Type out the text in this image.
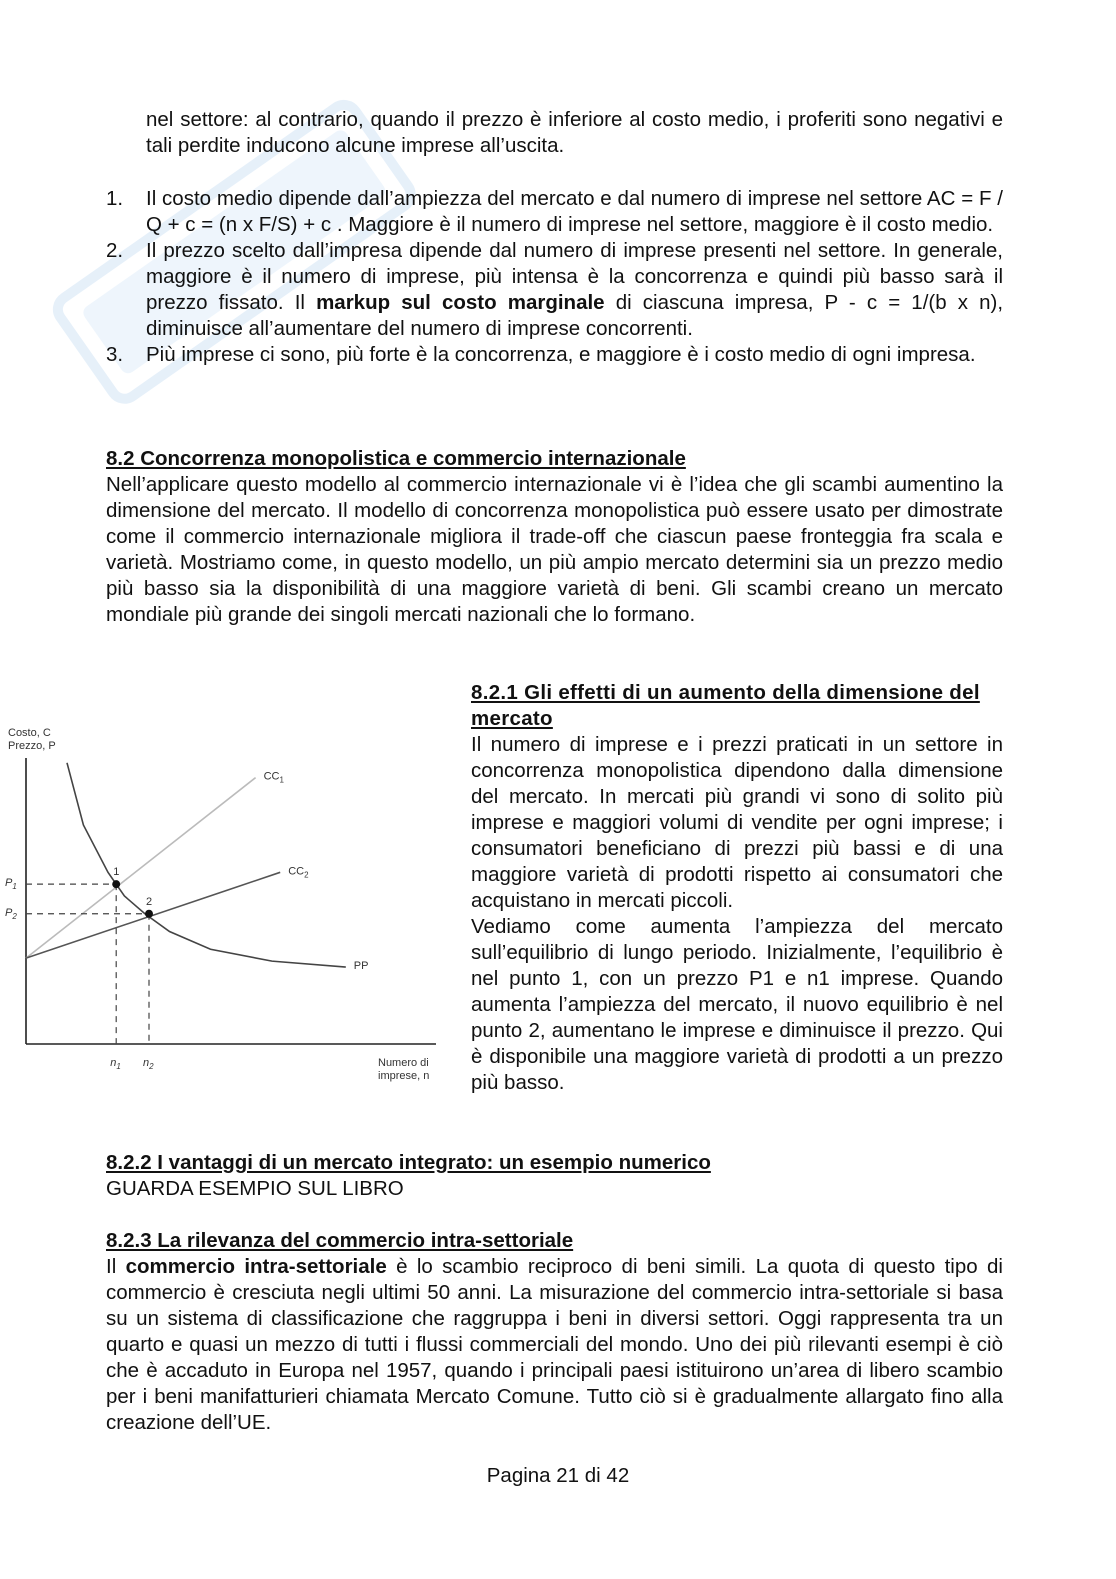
nel settore: al contrario, quando il prezzo è inferiore al costo medio, i proferiti sono negativi e tali perdite inducono alcune imprese all’uscita.

1. Il costo medio dipende dall’ampiezza del mercato e dal numero di imprese nel settore AC = F / Q + c = (n x F/S) + c . Maggiore è il numero di imprese nel settore, maggiore è il costo medio.
2. Il prezzo scelto dall’impresa dipende dal numero di imprese presenti nel settore. In generale, maggiore è il numero di imprese, più intensa è la concorrenza e quindi più basso sarà il prezzo fissato. Il markup sul costo marginale di ciascuna impresa, P - c = 1/(b x n), diminuisce all’aumentare del numero di imprese concorrenti.
3. Più imprese ci sono, più forte è la concorrenza, e maggiore è i costo medio di ogni impresa.
8.2 Concorrenza monopolistica e commercio internazionale

Nell’applicare questo modello al commercio internazionale vi è l’idea che gli scambi aumentino la dimensione del mercato. Il modello di concorrenza monopolistica può essere usato per dimostrate come il commercio internazionale migliora il trade-off che ciascun paese fronteggia fra scala e varietà. Mostriamo come, in questo modello, un più ampio mercato determini sia un prezzo medio più basso sia la disponibilità di una maggiore varietà di beni. Gli scambi creano un mercato mondiale più grande dei singoli mercati nazionali che lo formano.

8.2.1 Gli effetti di un aumento della dimensione del mercato

Il numero di imprese e i prezzi praticati in un settore in concorrenza monopolistica dipendono dalla dimensione del mercato. In mercati più grandi vi sono di solito più imprese e maggiori volumi di vendite per ogni imprese; i consumatori beneficiano di prezzi più bassi e di una maggiore varietà di prodotti rispetto ai consumatori che acquistano in mercati piccoli.

Vediamo come aumenta l’ampiezza del mercato sull’equilibrio di lungo periodo. Inizialmente, l’equilibrio è nel punto 1, con un prezzo P1 e n1 imprese. Quando aumenta l’ampiezza del mercato, il nuovo equilibrio è nel punto 2, aumentano le imprese e diminuisce il prezzo. Qui è disponibile una maggiore varietà di prodotti a un prezzo più basso.

Costo, C
Prezzo, P
Numero di
imprese, n
$CC_1$
$CC_2$
PP
1
2
$n_1$ $n_2$
$P_1$
$P_2$
8.2.2 I vantaggi di un mercato integrato: un esempio numerico
GUARDA ESEMPIO SUL LIBRO
8.2.3 La rilevanza del commercio intra-settoriale

Il commercio intra-settoriale è lo scambio reciproco di beni simili. La quota di questo tipo di commercio è cresciuta negli ultimi 50 anni. La misurazione del commercio intra-settoriale si basa su un sistema di classificazione che raggruppa i beni in diversi settori. Oggi rappresenta tra un quarto e quasi un mezzo di tutti i flussi commerciali del mondo. Uno dei più rilevanti esempi è ciò che è accaduto in Europa nel 1957, quando i principali paesi istituirono un’area di libero scambio per i beni manifatturieri chiamata Mercato Comune. Tutto ciò si è gradualmente allargato fino alla creazione dell’UE.

Pagina 21 di 42
